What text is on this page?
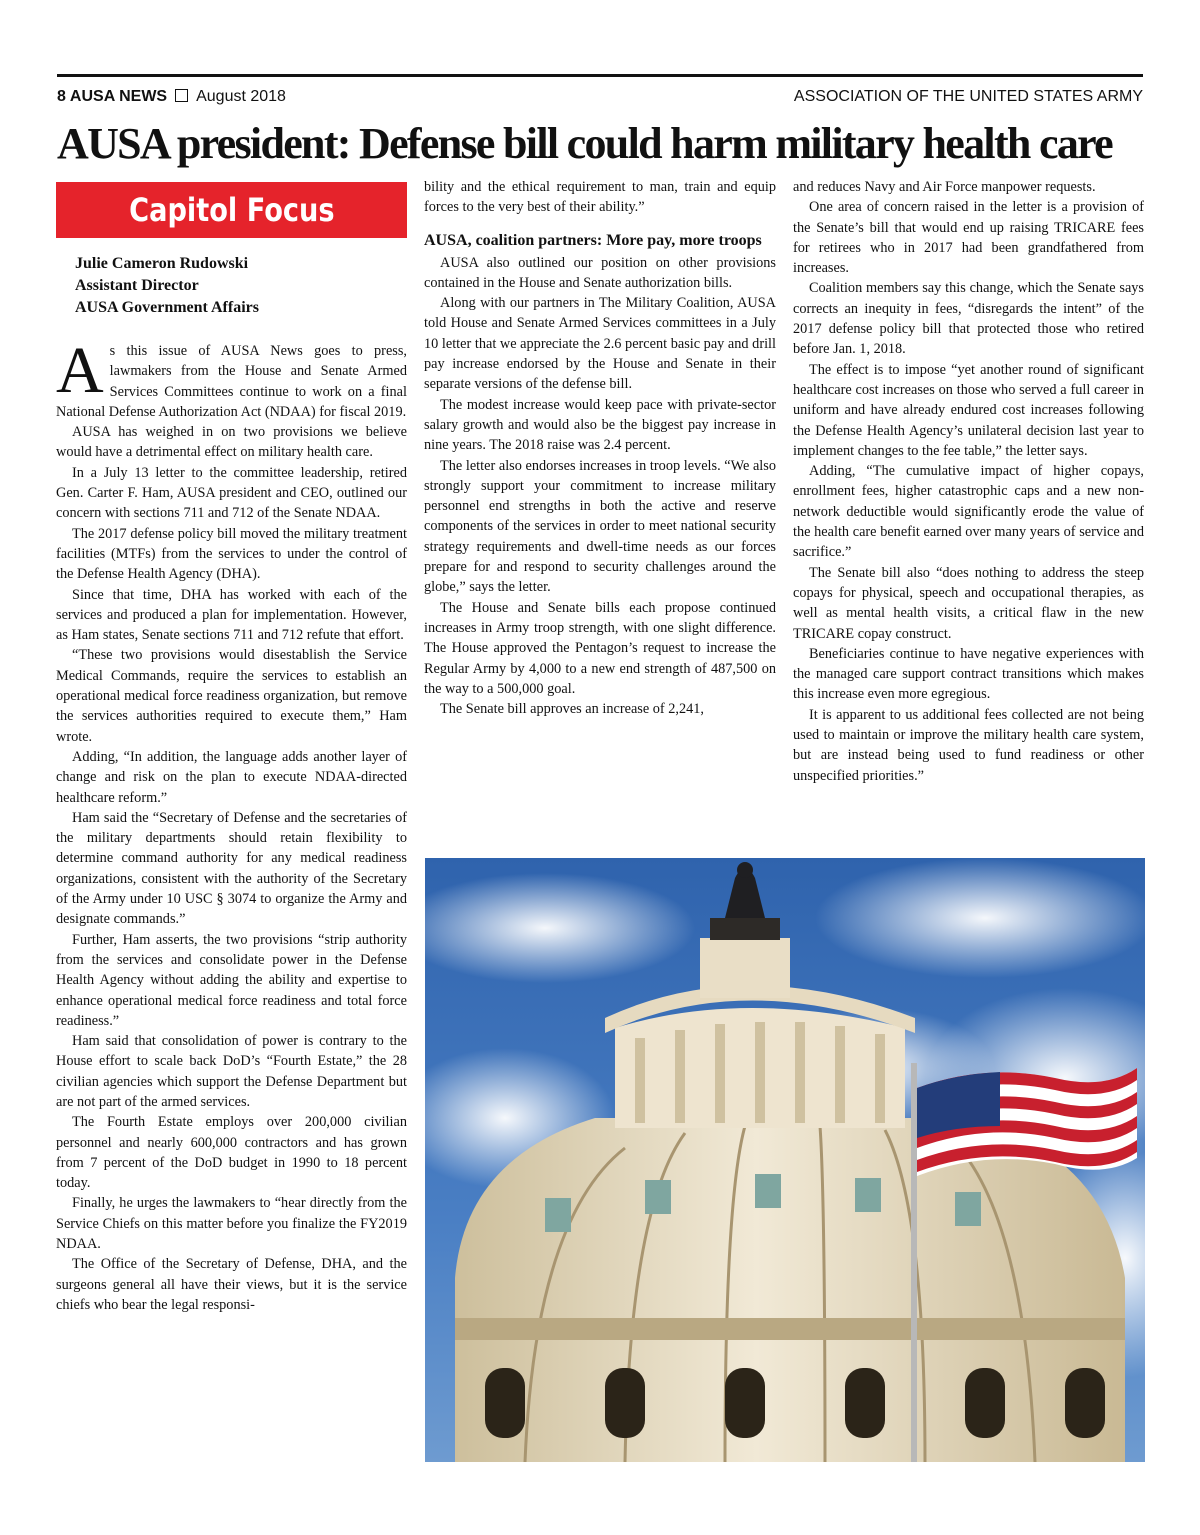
8 AUSA NEWS August 2018	ASSOCIATION OF THE UNITED STATES ARMY
AUSA president: Defense bill could harm military health care
Capitol Focus
Julie Cameron Rudowski
Assistant Director
AUSA Government Affairs

As this issue of AUSA News goes to press, lawmakers from the House and Senate Armed Services Committees continue to work on a final National Defense Authorization Act (NDAA) for fiscal 2019.

AUSA has weighed in on two provisions we believe would have a detrimental effect on military health care.

In a July 13 letter to the committee leadership, retired Gen. Carter F. Ham, AUSA president and CEO, outlined our concern with sections 711 and 712 of the Senate NDAA.

The 2017 defense policy bill moved the military treatment facilities (MTFs) from the services to under the control of the Defense Health Agency (DHA).

Since that time, DHA has worked with each of the services and produced a plan for implementation. However, as Ham states, Senate sections 711 and 712 refute that effort.

“These two provisions would disestablish the Service Medical Commands, require the services to establish an operational medical force readiness organization, but remove the services authorities required to execute them,” Ham wrote.

Adding, “In addition, the language adds another layer of change and risk on the plan to execute NDAA-directed healthcare reform.”

Ham said the “Secretary of Defense and the secretaries of the military departments should retain flexibility to determine command authority for any medical readiness organizations, consistent with the authority of the Secretary of the Army under 10 USC § 3074 to organize the Army and designate commands.”

Further, Ham asserts, the two provisions “strip authority from the services and consolidate power in the Defense Health Agency without adding the ability and expertise to enhance operational medical force readiness and total force readiness.”

Ham said that consolidation of power is contrary to the House effort to scale back DoD’s “Fourth Estate,” the 28 civilian agencies which support the Defense Department but are not part of the armed services.

The Fourth Estate employs over 200,000 civilian personnel and nearly 600,000 contractors and has grown from 7 percent of the DoD budget in 1990 to 18 percent today.

Finally, he urges the lawmakers to “hear directly from the Service Chiefs on this matter before you finalize the FY2019 NDAA.

The Office of the Secretary of Defense, DHA, and the surgeons general all have their views, but it is the service chiefs who bear the legal responsi-

bility and the ethical requirement to man, train and equip forces to the very best of their ability.”

AUSA, coalition partners: More pay, more troops

AUSA also outlined our position on other provisions contained in the House and Senate authorization bills.

Along with our partners in The Military Coalition, AUSA told House and Senate Armed Services committees in a July 10 letter that we appreciate the 2.6 percent basic pay and drill pay increase endorsed by the House and Senate in their separate versions of the defense bill.

The modest increase would keep pace with private-sector salary growth and would also be the biggest pay increase in nine years. The 2018 raise was 2.4 percent.

The letter also endorses increases in troop levels. “We also strongly support your commitment to increase military personnel end strengths in both the active and reserve components of the services in order to meet national security strategy requirements and dwell-time needs as our forces prepare for and respond to security challenges around the globe,” says the letter.

The House and Senate bills each propose continued increases in Army troop strength, with one slight difference. The House approved the Pentagon’s request to increase the Regular Army by 4,000 to a new end strength of 487,500 on the way to a 500,000 goal.

The Senate bill approves an increase of 2,241,

and reduces Navy and Air Force manpower requests.

One area of concern raised in the letter is a provision of the Senate’s bill that would end up raising TRICARE fees for retirees who in 2017 had been grandfathered from increases.

Coalition members say this change, which the Senate says corrects an inequity in fees, “disregards the intent” of the 2017 defense policy bill that protected those who retired before Jan. 1, 2018.

The effect is to impose “yet another round of significant healthcare cost increases on those who served a full career in uniform and have already endured cost increases following the Defense Health Agency’s unilateral decision last year to implement changes to the fee table,” the letter says.

Adding, “The cumulative impact of higher copays, enrollment fees, higher catastrophic caps and a new non-network deductible would significantly erode the value of the health care benefit earned over many years of service and sacrifice.”

The Senate bill also “does nothing to address the steep copays for physical, speech and occupational therapies, as well as mental health visits, a critical flaw in the new TRICARE copay construct.

Beneficiaries continue to have negative experiences with the managed care support contract transitions which makes this increase even more egregious.

It is apparent to us additional fees collected are not being used to maintain or improve the military health care system, but are instead being used to fund readiness or other unspecified priorities.”
